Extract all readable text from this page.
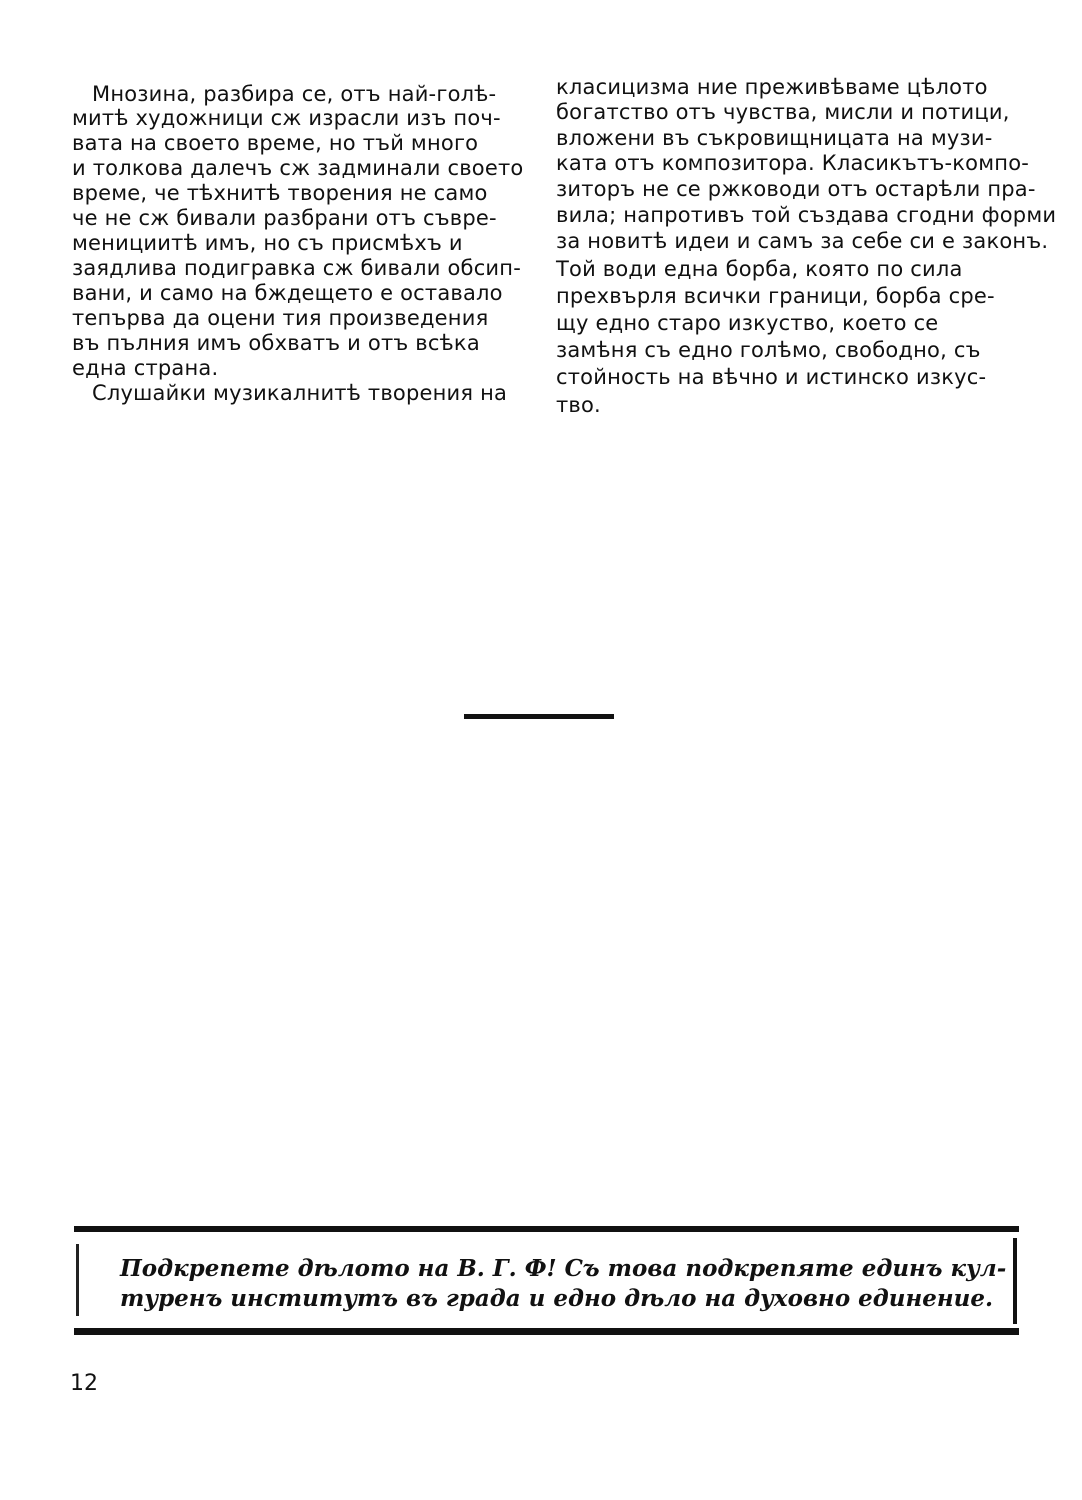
Мнозина, разбира се, отъ най-голѣ-
митѣ художници сж израсли изъ поч-
вата на своето време, но тъй много
и толкова далечъ сж задминали своето
време, че тѣхнитѣ творения не само
че не сж бивали разбрани отъ съвре-
менициитѣ имъ, но съ присмѣхъ и
заядлива подигравка сж бивали обсип-
вани, и само на бждещето е оставало
тепърва да оцени тия произведения
въ пълния имъ обхватъ и отъ всѣка
една страна.
Слушайки музикалнитѣ творения на
класицизма ние преживѣваме цѣлото
богатство отъ чувства, мисли и потици,
вложени въ съкровищницата на музи-
ката отъ композитора. Класикътъ-компо-
зиторъ не се ржководи отъ остарѣли пра-
вила; напротивъ той създава сгодни форми
за новитѣ идеи и самъ за себе си е законъ.
Той води една борба, която по сила
прехвърля всички граници, борба сре-
щу едно старо изкуство, което се
замѣня съ едно голѣмо, свободно, съ
стойность на вѣчно и истинско изкус-
тво.
Подкрепете дѣлото на В. Г. Ф! Съ това подкрепяте единъ кул-
туренъ институтъ въ града и едно дѣло на духовно единение.
12
